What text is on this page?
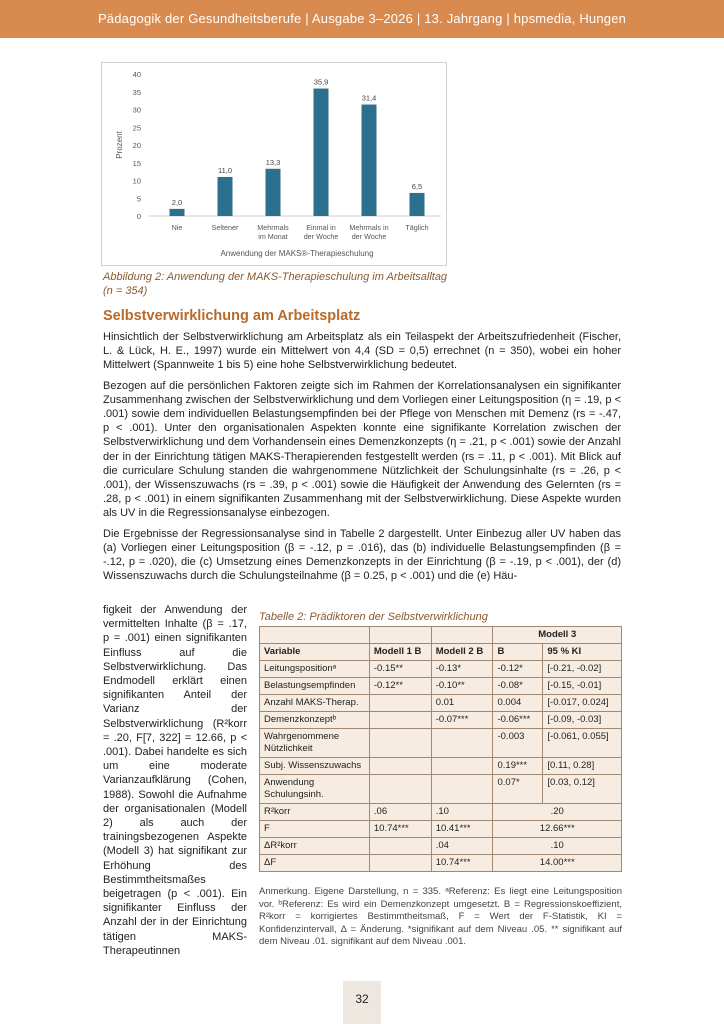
Pädagogik der Gesundheitsberufe | Ausgabe 3–2026 | 13. Jahrgang | hpsmedia, Hungen
0
5
10
15
20
25
30
35
40
Prozent
2,0
Nie
11,0
Seltener
13,3
Mehrmals
im Monat
35,9
Einmal in
der Woche
31,4
Mehrmals in
der Woche
6,5
Täglich
Anwendung der MAKS®-Therapieschulung
Abbildung 2: Anwendung der MAKS-Therapieschulung im Arbeitsalltag (n = 354)
Selbstverwirklichung am Arbeitsplatz

Hinsichtlich der Selbstverwirklichung am Arbeitsplatz als ein Teilaspekt der Arbeitszufriedenheit (Fischer, L. & Lück, H. E., 1997) wurde ein Mittelwert von 4,4 (SD = 0,5) errechnet (n = 350), wobei ein hoher Mittelwert (Spannweite 1 bis 5) eine hohe Selbstverwirklichung bedeutet.

Bezogen auf die persönlichen Faktoren zeigte sich im Rahmen der Korrelationsanalysen ein signifikanter Zusammenhang zwischen der Selbstverwirklichung und dem Vorliegen einer Leitungsposition (η = .19, p < .001) sowie dem individuellen Belastungsempfinden bei der Pflege von Menschen mit Demenz (rs = -.47, p < .001). Unter den organisationalen Aspekten konnte eine signifikante Korrelation zwischen der Selbstverwirklichung und dem Vorhandensein eines Demenzkonzepts (η = .21, p < .001) sowie der Anzahl der in der Einrichtung tätigen MAKS-Therapierenden festgestellt werden (rs = .11, p < .001). Mit Blick auf die curriculare Schulung standen die wahrgenommene Nützlichkeit der Schulungsinhalte (rs = .26, p < .001), der Wissenszuwachs (rs = .39, p < .001) sowie die Häufigkeit der Anwendung des Gelernten (rs = .28, p < .001) in einem signifikanten Zusammenhang mit der Selbstverwirklichung. Diese Aspekte wurden als UV in die Regressionsanalyse einbezogen.

Die Ergebnisse der Regressionsanalyse sind in Tabelle 2 dargestellt. Unter Einbezug aller UV haben das (a) Vorliegen einer Leitungsposition (β = -.12, p = .016), das (b) individuelle Belastungsempfinden (β = -.12, p = .020), die (c) Umsetzung eines Demenzkonzepts in der Einrichtung (β = -.19, p < .001), der (d) Wissenszuwachs durch die Schulungsteilnahme (β = 0.25, p < .001) und die (e) Häu-

figkeit der Anwendung der vermittelten Inhalte (β = .17, p = .001) einen signifikanten Einfluss auf die Selbstverwirklichung. Das Endmodell erklärt einen signifikanten Anteil der Varianz der Selbstverwirklichung (R²korr = .20, F[7, 322] = 12.66, p < .001). Dabei handelte es sich um eine moderate Varianzaufklärung (Cohen, 1988). Sowohl die Aufnahme der organisationalen (Modell 2) als auch der trainingsbezogenen Aspekte (Modell 3) hat signifikant zur Erhöhung des Bestimmtheitsmaßes beigetragen (p < .001). Ein signifikanter Einfluss der Anzahl der in der Einrichtung tätigen MAKS-Therapeutinnen
Tabelle 2: Prädiktoren der Selbstverwirklichung
			Modell 3	
Variable	Modell 1 B	Modell 2 B	B	95 % KI
Leitungspositionᵃ	-0.15**	-0.13*	-0.12*	[-0.21, -0.02]
Belastungsempfinden	-0.12**	-0.10**	-0.08*	[-0.15, -0.01]
Anzahl MAKS-Therap.		0.01	0.004	[-0.017, 0.024]
Demenzkonzeptᵇ		-0.07***	-0.06***	[-0.09, -0.03]
Wahrgenommene Nützlichkeit			-0.003	[-0.061, 0.055]
Subj. Wissenszuwachs			0.19***	[0.11, 0.28]
Anwendung Schulungsinh.			0.07*	[0.03, 0.12]
R²korr	.06	.10	.20	
F	10.74***	10.41***	12.66***	
ΔR²korr		.04	.10	
ΔF		10.74***	14.00***	
Anmerkung. Eigene Darstellung, n = 335. ᵃReferenz: Es liegt eine Leitungsposition vor. ᵇReferenz: Es wird ein Demenzkonzept umgesetzt. B = Regressionskoeffizient, R²korr = korrigiertes Bestimmtheitsmaß, F = Wert der F-Statistik, KI = Konfidenzintervall, Δ = Änderung. *signifikant auf dem Niveau .05. ** signifikant auf dem Niveau .01. signifikant auf dem Niveau .001.
32
